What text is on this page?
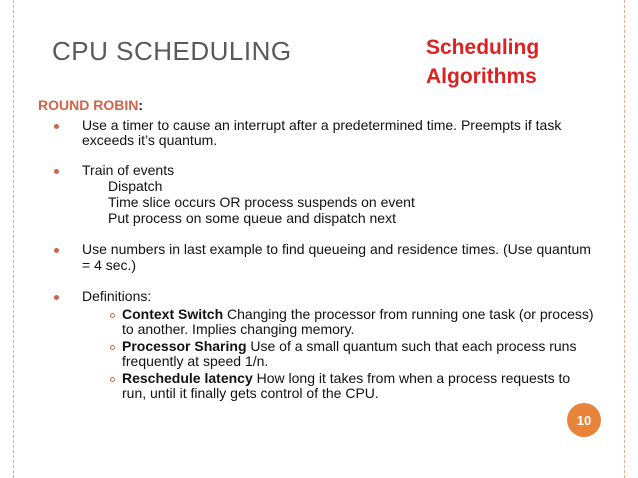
CPU SCHEDULING	Scheduling
Algorithms
ROUND ROBIN:
Use a timer to cause an interrupt after a predetermined time. Preempts if task
exceeds it’s quantum.
Train of events
Dispatch
Time slice occurs OR process suspends on event
Put process on some queue and dispatch next
Use numbers in last example to find queueing and residence times. (Use quantum
= 4 sec.)
Definitions:
Context Switch Changing the processor from running one task (or process)
to another. Implies changing memory.
Processor Sharing Use of a small quantum such that each process runs
frequently at speed 1/n.
Reschedule latency How long it takes from when a process requests to
run, until it finally gets control of the CPU.
10
